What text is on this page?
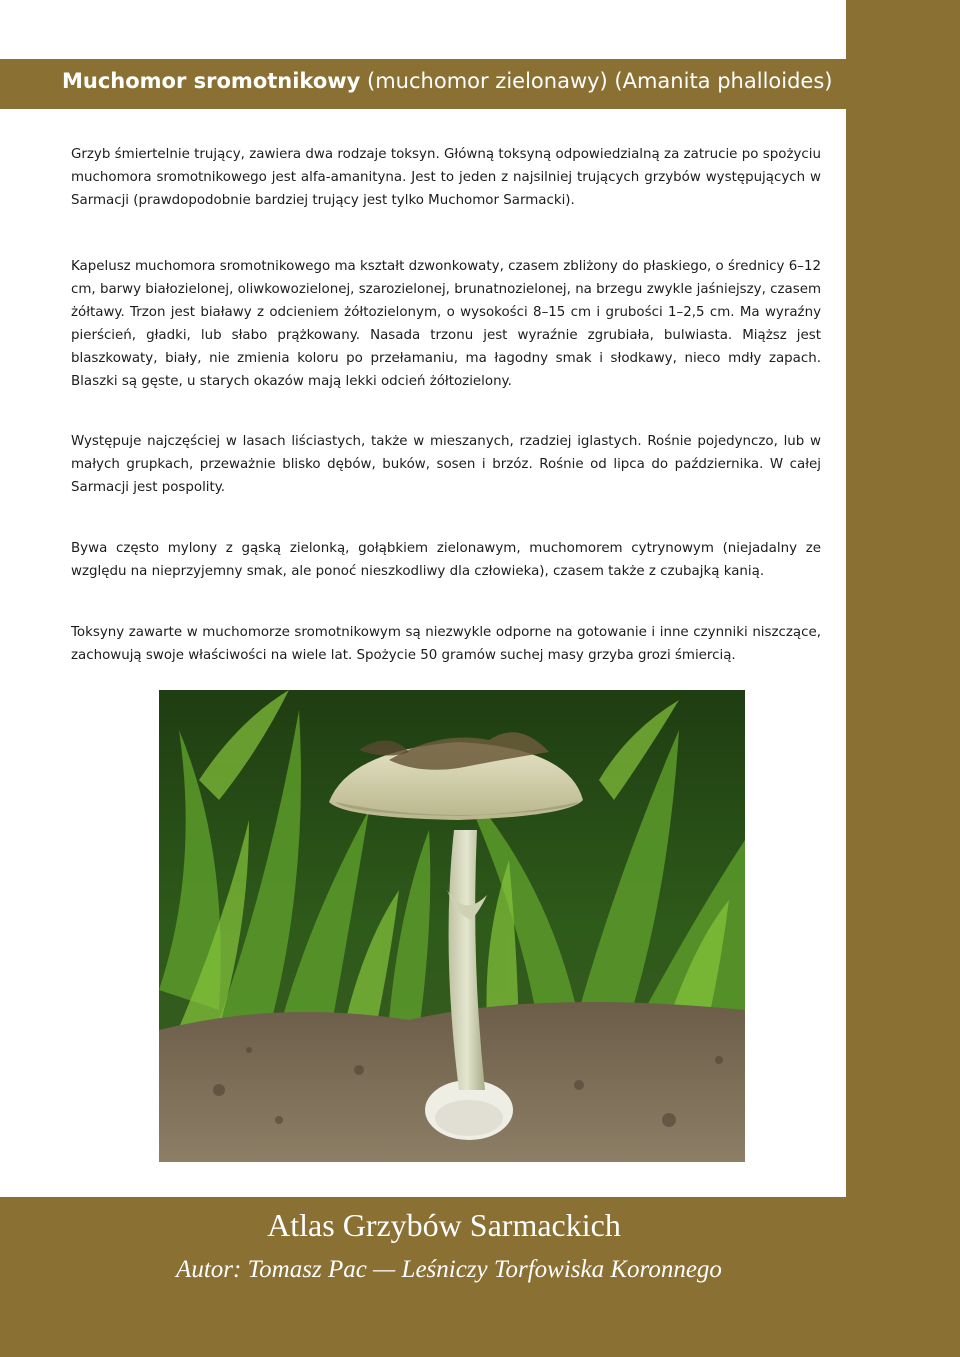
Muchomor sromotnikowy (muchomor zielonawy) (Amanita phalloides)

Grzyb śmiertelnie trujący, zawiera dwa rodzaje toksyn. Główną toksyną odpowiedzialną za zatrucie po spożyciu muchomora sromotnikowego jest alfa-amanityna. Jest to jeden z najsilniej trujących grzybów występujących w Sarmacji (prawdopodobnie bardziej trujący jest tylko Muchomor Sarmacki).

Kapelusz muchomora sromotnikowego ma kształt dzwonkowaty, czasem zbliżony do płaskiego, o średnicy 6–12 cm, barwy białozielonej, oliwkowozielonej, szarozielonej, brunatnozielonej, na brzegu zwykle jaśniejszy, czasem żółtawy. Trzon jest białawy z odcieniem żółtozielonym, o wysokości 8–15 cm i grubości 1–2,5 cm. Ma wyraźny pierścień, gładki, lub słabo prążkowany. Nasada trzonu jest wyraźnie zgrubiała, bulwiasta. Miąższ jest blaszkowaty, biały, nie zmienia koloru po przełamaniu, ma łagodny smak i słodkawy, nieco mdły zapach. Blaszki są gęste, u starych okazów mają lekki odcień żółtozielony.

Występuje najczęściej w lasach liściastych, także w mieszanych, rzadziej iglastych. Rośnie pojedynczo, lub w małych grupkach, przeważnie blisko dębów, buków, sosen i brzóz. Rośnie od lipca do października. W całej Sarmacji jest pospolity.

Bywa często mylony z gąską zielonką, gołąbkiem zielonawym, muchomorem cytrynowym (niejadalny ze względu na nieprzyjemny smak, ale ponoć nieszkodliwy dla człowieka), czasem także z czubajką kanią.

Toksyny zawarte w muchomorze sromotnikowym są niezwykle odporne na gotowanie i inne czynniki niszczące, zachowują swoje właściwości na wiele lat. Spożycie 50 gramów suchej masy grzyba grozi śmiercią.

Atlas Grzybów Sarmackich
Autor: Tomasz Pac — Leśniczy Torfowiska Koronnego
